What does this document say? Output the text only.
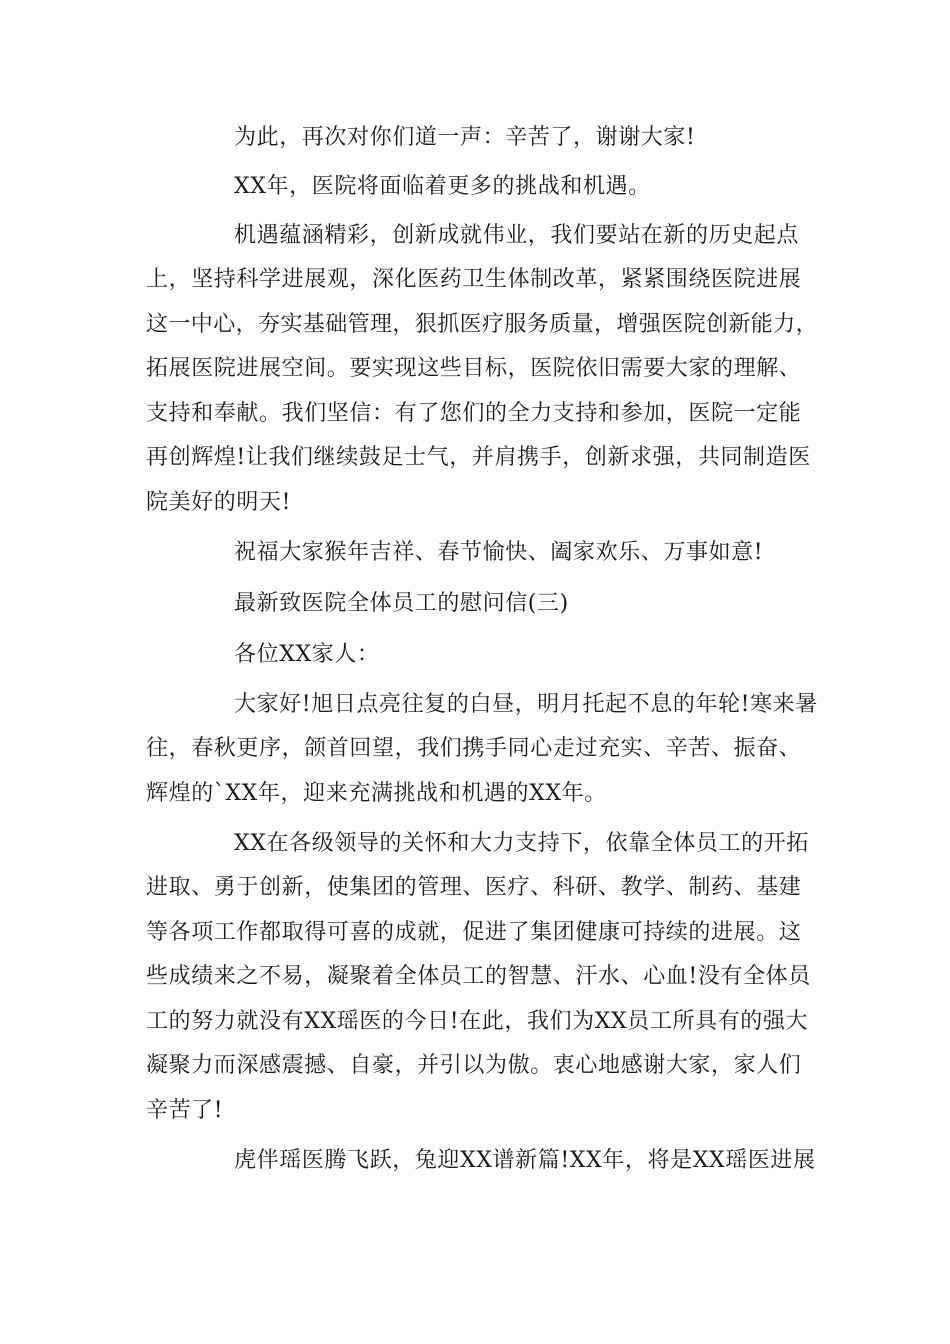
为此，再次对你们道一声：辛苦了，谢谢大家!
XX年，医院将面临着更多的挑战和机遇。
机遇蕴涵精彩，创新成就伟业，我们要站在新的历史起点
上，坚持科学进展观，深化医药卫生体制改革，紧紧围绕医院进展
这一中心，夯实基础管理，狠抓医疗服务质量，增强医院创新能力，
拓展医院进展空间。要实现这些目标，医院依旧需要大家的理解、
支持和奉献。我们坚信：有了您们的全力支持和参加，医院一定能
再创辉煌!让我们继续鼓足士气，并肩携手，创新求强，共同制造医
院美好的明天!
祝福大家猴年吉祥、春节愉快、阖家欢乐、万事如意!
最新致医院全体员工的慰问信(三)
各位XX家人：
大家好!旭日点亮往复的白昼，明月托起不息的年轮!寒来暑
往，春秋更序，颌首回望，我们携手同心走过充实、辛苦、振奋、
辉煌的`XX年，迎来充满挑战和机遇的XX年。
XX在各级领导的关怀和大力支持下，依靠全体员工的开拓
进取、勇于创新，使集团的管理、医疗、科研、教学、制药、基建
等各项工作都取得可喜的成就，促进了集团健康可持续的进展。这
些成绩来之不易，凝聚着全体员工的智慧、汗水、心血!没有全体员
工的努力就没有XX瑶医的今日!在此，我们为XX员工所具有的强大
凝聚力而深感震撼、自豪，并引以为傲。衷心地感谢大家，家人们
辛苦了!
虎伴瑶医腾飞跃，兔迎XX谱新篇!XX年，将是XX瑶医进展
